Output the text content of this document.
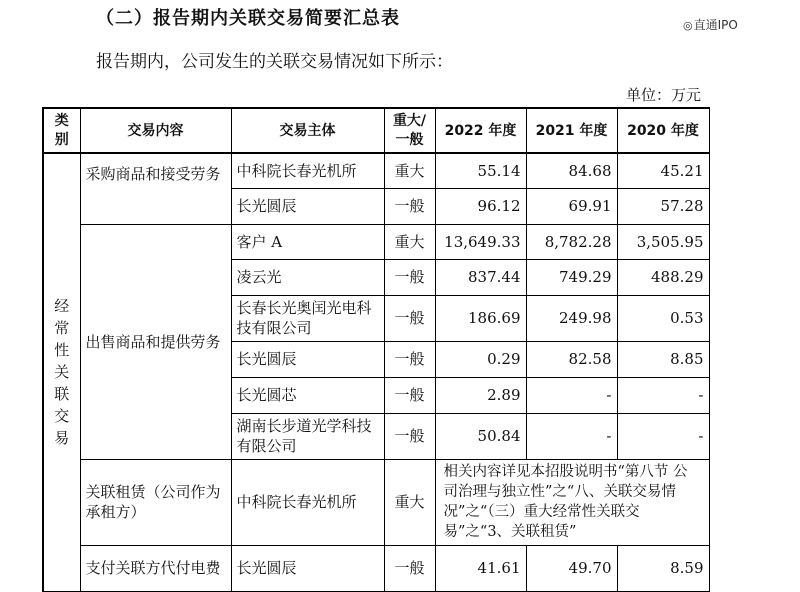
（二）报告期内关联交易简要汇总表	◎直通IPO
报告期内，公司发生的关联交易情况如下所示：
单位：万元
类别	交易内容	交易主体	重大/一般	2022 年度	2021 年度	2020 年度
经常性关联交易	采购商品和接受劳务	中科院长春光机所	重大	55.14	84.68	45.21
		长光圆辰	一般	96.12	69.91	57.28
	出售商品和提供劳务	客户 A	重大	13,649.33	8,782.28	3,505.95
		凌云光	一般	837.44	749.29	488.29
		长春长光奥闰光电科技有限公司	一般	186.69	249.98	0.53
		长光圆辰	一般	0.29	82.58	8.85
		长光圆芯	一般	2.89	-	-
		湖南长步道光学科技有限公司	一般	50.84	-	-
	关联租赁（公司作为承租方）	中科院长春光机所	重大	相关内容详见本招股说明书“第八节 公司治理与独立性”之“八、关联交易情况”之“（三）重大经常性关联交易”之“3、关联租赁”		
	支付关联方代付电费	长光圆辰	一般	41.61	49.70	8.59
